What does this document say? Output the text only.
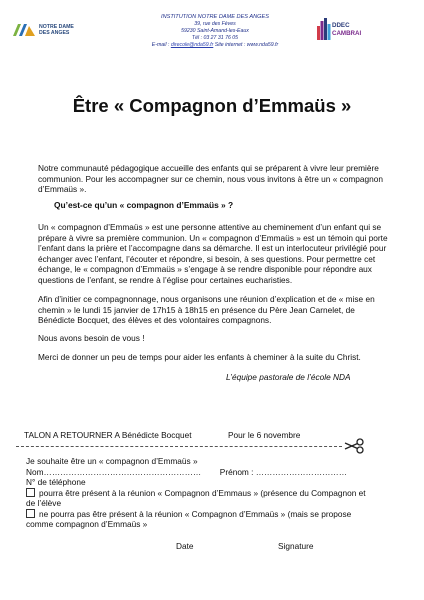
NOTRE DAME
DES ANGES
INSTITUTION NOTRE DAME DES ANGES
39, rue des Fèves
59230 Saint-Amand-les-Eaux
Tél : 03 27 31 76 05
E-mail : direcole@nda59.fr Site internet : www.nda59.fr
DDEC
CAMBRAI
Être « Compagnon d’Emmaüs »
Notre communauté pédagogique accueille des enfants qui se préparent à vivre leur première communion. Pour les accompagner sur ce chemin, nous vous invitons à être un « compagnon d’Emmaüs ».
Qu’est-ce qu’un « compagnon d’Emmaüs » ?
Un « compagnon d’Emmaüs » est une personne attentive au cheminement d’un enfant qui se prépare à vivre sa première communion. Un « compagnon d’Emmaüs » est un témoin qui porte l’enfant dans la prière et l’accompagne dans sa démarche. Il est un interlocuteur privilégié pour échanger avec l’enfant, l’écouter et répondre, si besoin, à ses questions. Pour permettre cet échange, le « compagnon d’Emmaüs » s’engage à se rendre disponible pour répondre aux questions de l’enfant, se rendre à l’église pour certaines eucharisties.
Afin d’initier ce compagnonnage, nous organisons une réunion d’explication et de « mise en chemin » le lundi 15 janvier de 17h15 à 18h15 en présence du Père Jean Carnelet, de Bénédicte Bocquet, des élèves et des volontaires compagnons.
Nous avons besoin de vous !
Merci de donner un peu de temps pour aider les enfants à cheminer à la suite du Christ.
L’équipe pastorale de l’école NDA
TALON A RETOURNER A Bénédicte Bocquet	Pour le 6 novembre
Je souhaite être un « compagnon d’Emmaüs »
Nom………………………………………………… Prénom : ……………………………
N° de téléphone
pourra être présent à la réunion « Compagnon d’Emmaus » (présence du Compagnon et
de l’élève
ne pourra pas être présent à la réunion « Compagnon d’Emmaüs » (mais se propose
comme compagnon d’Emmaüs »
Date	Signature
